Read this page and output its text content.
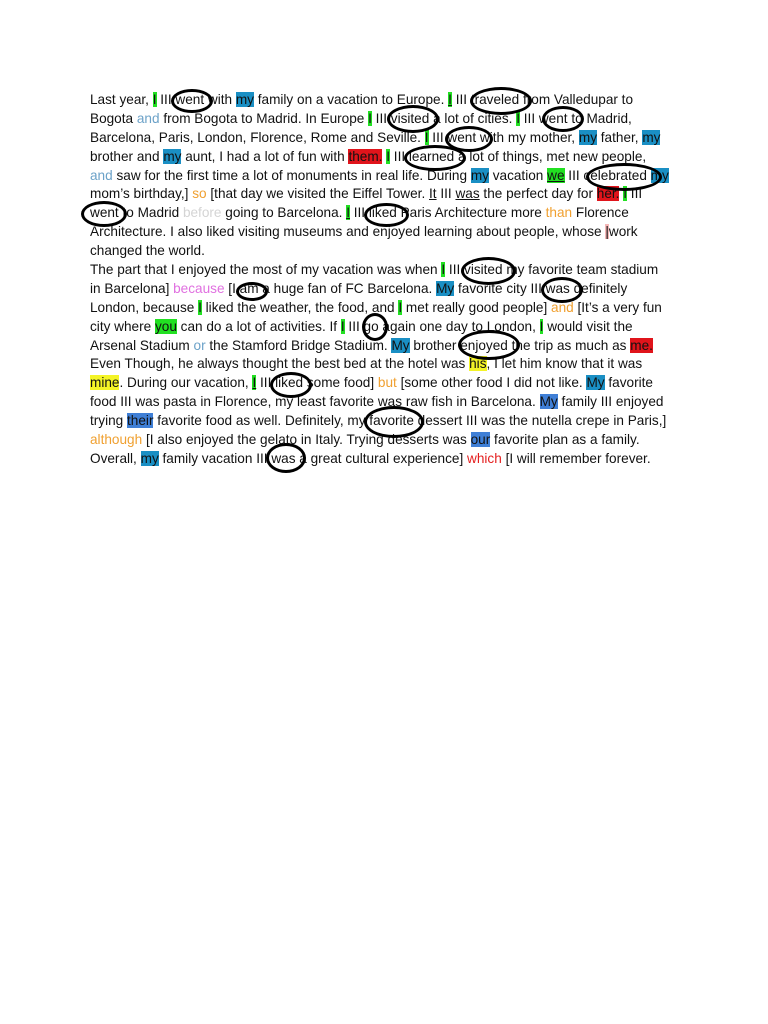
Last year, I III went with my family on a vacation to Europe. I III traveled from Valledupar to
Bogota and from Bogota to Madrid. In Europe I III visited a lot of cities. I III went to Madrid,
Barcelona, Paris, London, Florence, Rome and Seville. I III went with my mother, my father, my
brother and my aunt, I had a lot of fun with them. I III learned a lot of things, met new people,
and saw for the first time a lot of monuments in real life. During my vacation we III celebrated my
mom’s birthday,] so [that day we visited the Eiffel Tower. It III was the perfect day for her. I III
went to Madrid before going to Barcelona. I III liked Paris Architecture more than Florence
Architecture. I also liked visiting museums and enjoyed learning about people, whose |work
changed the world.
The part that I enjoyed the most of my vacation was when I III visited my favorite team stadium
in Barcelona] because [I am a huge fan of FC Barcelona. My favorite city III was definitely
London, because I liked the weather, the food, and I met really good people] and [It’s a very fun
city where you can do a lot of activities. If I III go again one day to London, I would visit the
Arsenal Stadium or the Stamford Bridge Stadium. My brother enjoyed the trip as much as me.
Even Though, he always thought the best bed at the hotel was his, I let him know that it was
mine. During our vacation, I III liked some food] but [some other food I did not like. My favorite
food III was pasta in Florence, my least favorite was raw fish in Barcelona. My family III enjoyed
trying their favorite food as well. Definitely, my favorite dessert III was the nutella crepe in Paris,]
although [I also enjoyed the gelato in Italy. Trying desserts was our favorite plan as a family.
Overall, my family vacation III was a great cultural experience] which [I will remember forever.
